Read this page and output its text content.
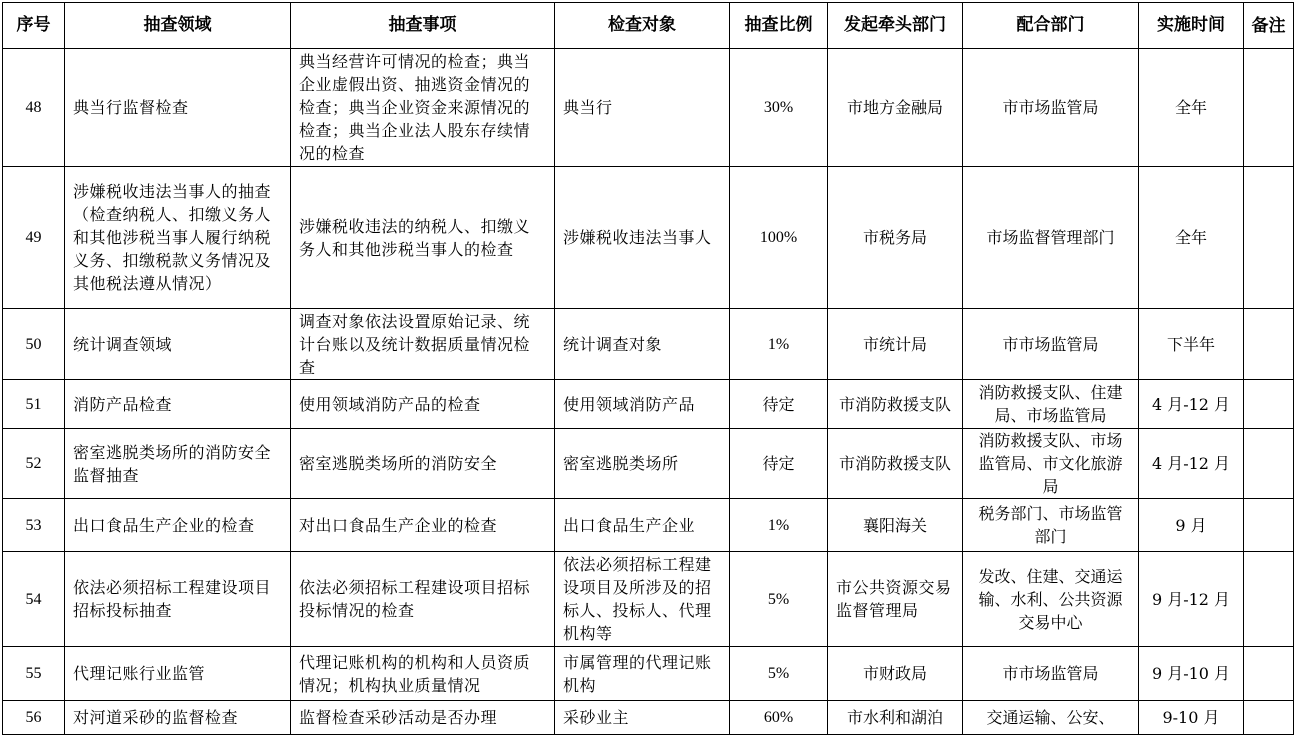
序号	抽查领域	抽查事项	检查对象	抽查比例	发起牵头部门	配合部门	实施时间	备注
48	典当行监督检查	典当经营许可情况的检查；典当企业虚假出资、抽逃资金情况的检查；典当企业资金来源情况的检查；典当企业法人股东存续情况的检查	典当行	30%	市地方金融局	市市场监管局	全年	
49	涉嫌税收违法当事人的抽查（检查纳税人、扣缴义务人和其他涉税当事人履行纳税义务、扣缴税款义务情况及其他税法遵从情况）	涉嫌税收违法的纳税人、扣缴义务人和其他涉税当事人的检查	涉嫌税收违法当事人	100%	市税务局	市场监督管理部门	全年	
50	统计调查领域	调查对象依法设置原始记录、统计台账以及统计数据质量情况检查	统计调查对象	1%	市统计局	市市场监管局	下半年	
51	消防产品检查	使用领域消防产品的检查	使用领域消防产品	待定	市消防救援支队	消防救援支队、住建局、市场监管局	4 月-12 月	
52	密室逃脱类场所的消防安全监督抽查	密室逃脱类场所的消防安全	密室逃脱类场所	待定	市消防救援支队	消防救援支队、市场监管局、市文化旅游局	4 月-12 月	
53	出口食品生产企业的检查	对出口食品生产企业的检查	出口食品生产企业	1%	襄阳海关	税务部门、市场监管部门	9 月	
54	依法必须招标工程建设项目招标投标抽查	依法必须招标工程建设项目招标投标情况的检查	依法必须招标工程建设项目及所涉及的招标人、投标人、代理机构等	5%	市公共资源交易监督管理局	发改、住建、交通运输、水利、公共资源交易中心	9 月-12 月	
55	代理记账行业监管	代理记账机构的机构和人员资质情况；机构执业质量情况	市属管理的代理记账机构	5%	市财政局	市市场监管局	9 月-10 月	
56	对河道采砂的监督检查	监督检查采砂活动是否办理	采砂业主	60%	市水利和湖泊	交通运输、公安、	9-10 月	
